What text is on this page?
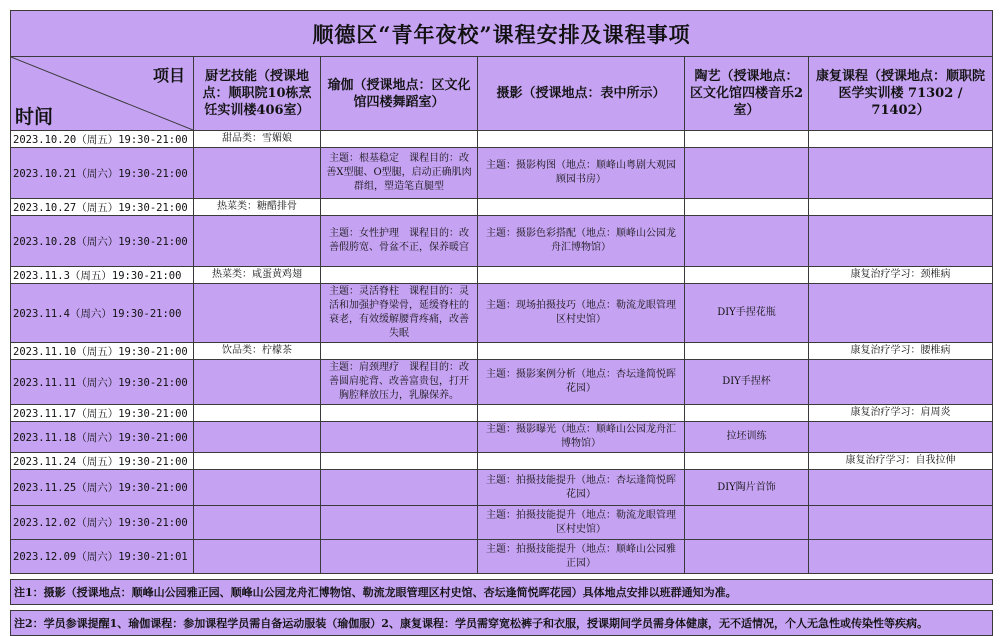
顺德区“青年夜校”课程安排及课程事项					

项目
时间	厨艺技能（授课地点：顺职院10栋烹饪实训楼406室）	瑜伽（授课地点：区文化馆四楼舞蹈室）	摄影（授课地点：表中所示）	陶艺（授课地点：区文化馆四楼音乐2室）	康复课程（授课地点：顺职院医学实训楼 71302 / 71402）
2023.10.20（周五）19:30-21:00	甜品类：雪媚娘				
2023.10.21（周六）19:30-21:00		主题：根基稳定　课程目的：改善X型腿、O型腿，启动正确肌肉群组，塑造笔直腿型	主题：摄影构图（地点：顺峰山粤剧大观园顾园书房）		
2023.10.27（周五）19:30-21:00	热菜类：糖醋排骨				
2023.10.28（周六）19:30-21:00		主题：女性护理　课程目的：改善假胯宽、骨盆不正，保养暖宫	主题：摄影色彩搭配（地点：顺峰山公园龙舟汇博物馆）		
2023.11.3（周五）19:30-21:00	热菜类：咸蛋黄鸡翅				康复治疗学习：颈椎病
2023.11.4（周六）19:30-21:00		主题：灵活脊柱　课程目的：灵活和加强护脊梁骨，延缓脊柱的衰老，有效缓解腰背疼痛，改善失眠	主题：现场拍摄技巧（地点：勒流龙眼管理区村史馆）	DIY手捏花瓶	
2023.11.10（周五）19:30-21:00	饮品类：柠檬茶				康复治疗学习：腰椎病
2023.11.11（周六）19:30-21:00		主题：肩颈理疗　课程目的：改善圆肩驼背、改善富贵包，打开胸腔释放压力，乳腺保养。	主题：摄影案例分析（地点：杏坛逢简悦晖花园）	DIY手捏杯	
2023.11.17（周五）19:30-21:00					康复治疗学习：肩周炎
2023.11.18（周六）19:30-21:00			主题：摄影曝光（地点：顺峰山公园龙舟汇博物馆）	拉坯训练	
2023.11.24（周五）19:30-21:00					康复治疗学习：自我拉伸
2023.11.25（周六）19:30-21:00			主题：拍摄技能提升（地点：杏坛逢简悦晖花园）	DIY陶片首饰	
2023.12.02（周六）19:30-21:00			主题：拍摄技能提升（地点：勒流龙眼管理区村史馆）		
2023.12.09（周六）19:30-21:01			主题：拍摄技能提升（地点：顺峰山公园雅正园）		

注1：摄影（授课地点：顺峰山公园雅正园、顺峰山公园龙舟汇博物馆、勒流龙眼管理区村史馆、杏坛逢简悦晖花园）具体地点安排以班群通知为准。					

注2：学员参课提醒1、瑜伽课程：参加课程学员需自备运动服装（瑜伽服）2、康复课程：学员需穿宽松裤子和衣服，授课期间学员需身体健康，无不适情况，个人无急性或传染性等疾病。					
